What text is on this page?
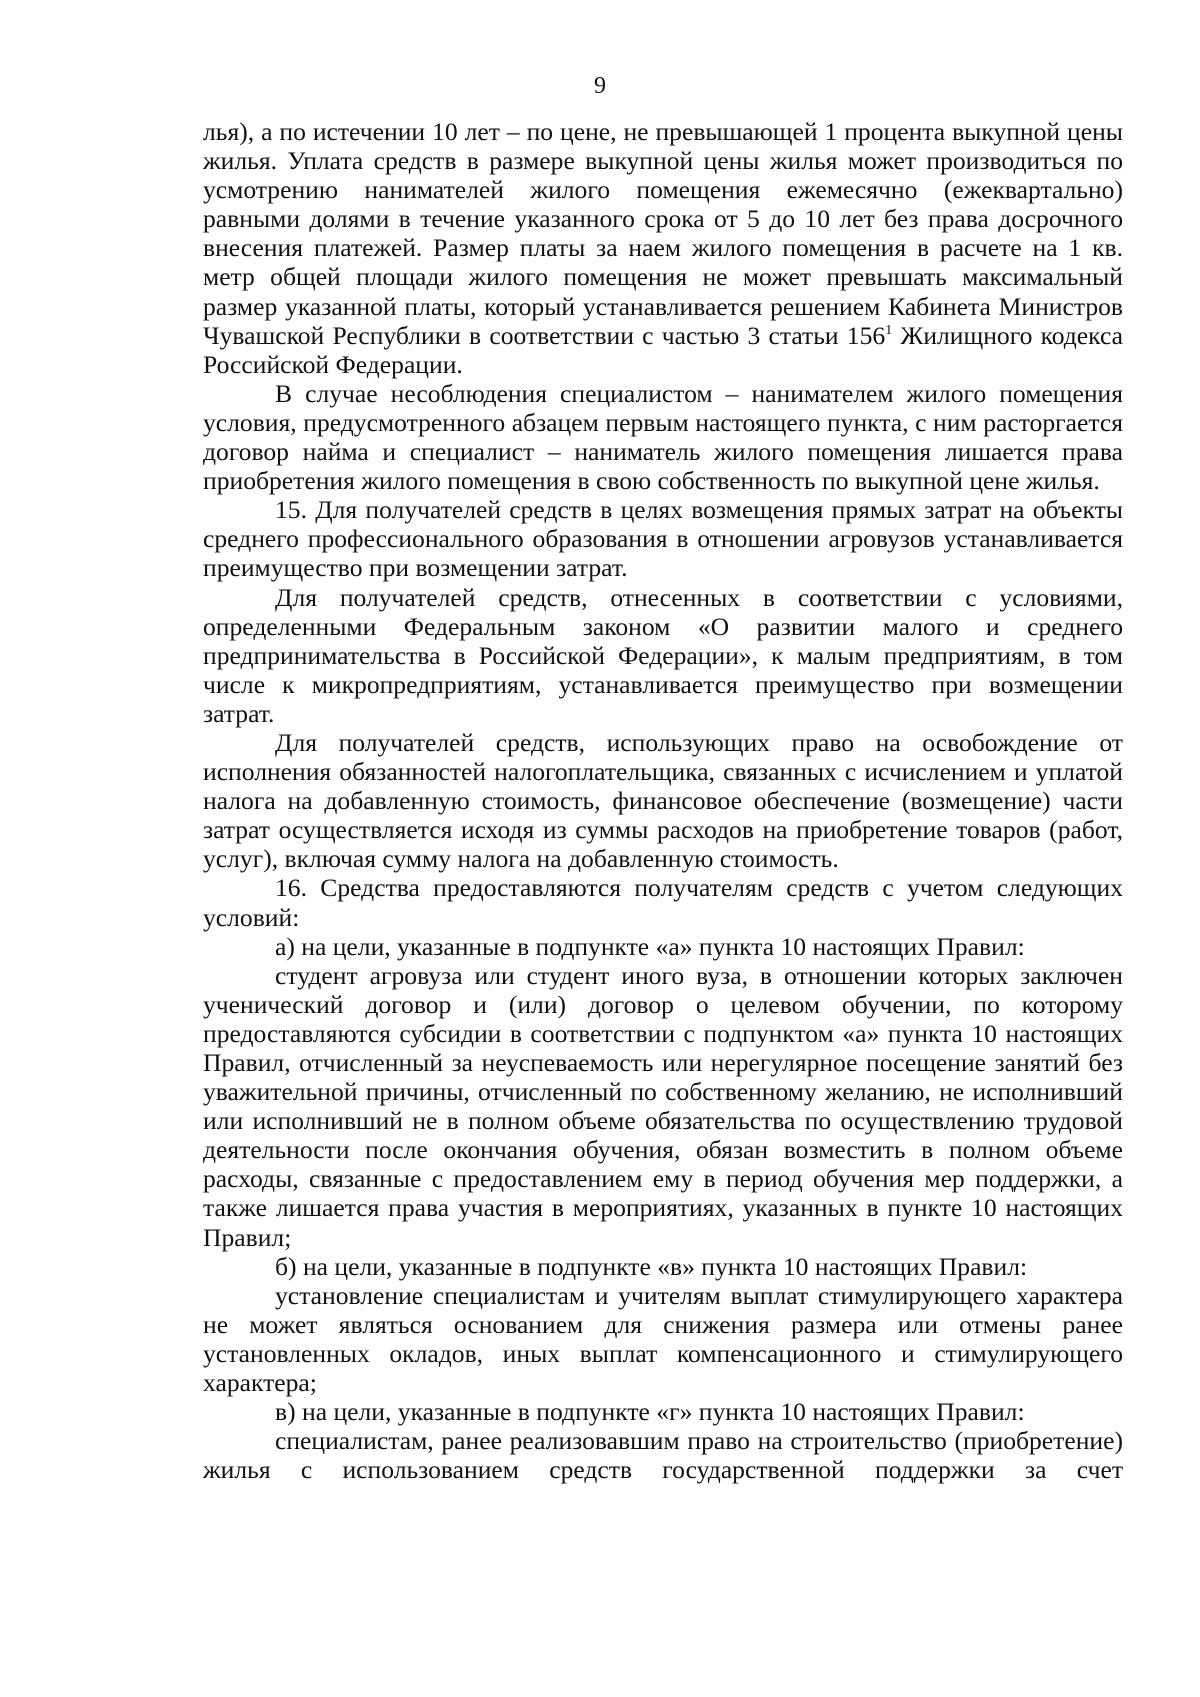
9

лья), а по истечении 10 лет – по цене, не превышающей 1 процента выкупной цены жилья. Уплата средств в размере выкупной цены жилья может производиться по усмотрению нанимателей жилого помещения ежемесячно (ежеквартально) равными долями в течение указанного срока от 5 до 10 лет без права досрочного внесения платежей. Размер платы за наем жилого помещения в расчете на 1 кв. метр общей площади жилого помещения не может превышать максимальный размер указанной платы, который устанавливается решением Кабинета Министров Чувашской Республики в соответствии с частью 3 статьи $156^1$ Жилищного кодекса Российской Федерации.

В случае несоблюдения специалистом – нанимателем жилого помещения условия, предусмотренного абзацем первым настоящего пункта, с ним расторгается договор найма и специалист – наниматель жилого помещения лишается права приобретения жилого помещения в свою собственность по выкупной цене жилья.

15. Для получателей средств в целях возмещения прямых затрат на объекты среднего профессионального образования в отношении агровузов устанавливается преимущество при возмещении затрат.

Для получателей средств, отнесенных в соответствии с условиями, определенными Федеральным законом «О развитии малого и среднего предпринимательства в Российской Федерации», к малым предприятиям, в том числе к микропредприятиям, устанавливается преимущество при возмещении затрат.

Для получателей средств, использующих право на освобождение от исполнения обязанностей налогоплательщика, связанных с исчислением и уплатой налога на добавленную стоимость, финансовое обеспечение (возмещение) части затрат осуществляется исходя из суммы расходов на приобретение товаров (работ, услуг), включая сумму налога на добавленную стоимость.

16. Средства предоставляются получателям средств с учетом следующих условий:

а) на цели, указанные в подпункте «а» пункта 10 настоящих Правил:

студент агровуза или студент иного вуза, в отношении которых заключен ученический договор и (или) договор о целевом обучении, по которому предоставляются субсидии в соответствии с подпунктом «а» пункта 10 настоящих Правил, отчисленный за неуспеваемость или нерегулярное посещение занятий без уважительной причины, отчисленный по собственному желанию, не исполнивший или исполнивший не в полном объеме обязательства по осуществлению трудовой деятельности после окончания обучения, обязан возместить в полном объеме расходы, связанные с предоставлением ему в период обучения мер поддержки, а также лишается права участия в мероприятиях, указанных в пункте 10 настоящих Правил;

б) на цели, указанные в подпункте «в» пункта 10 настоящих Правил:

установление специалистам и учителям выплат стимулирующего характера не может являться основанием для снижения размера или отмены ранее установленных окладов, иных выплат компенсационного и стимулирующего характера;

в) на цели, указанные в подпункте «г» пункта 10 настоящих Правил:

специалистам, ранее реализовавшим право на строительство (приобретение) жилья с использованием средств государственной поддержки за счет
